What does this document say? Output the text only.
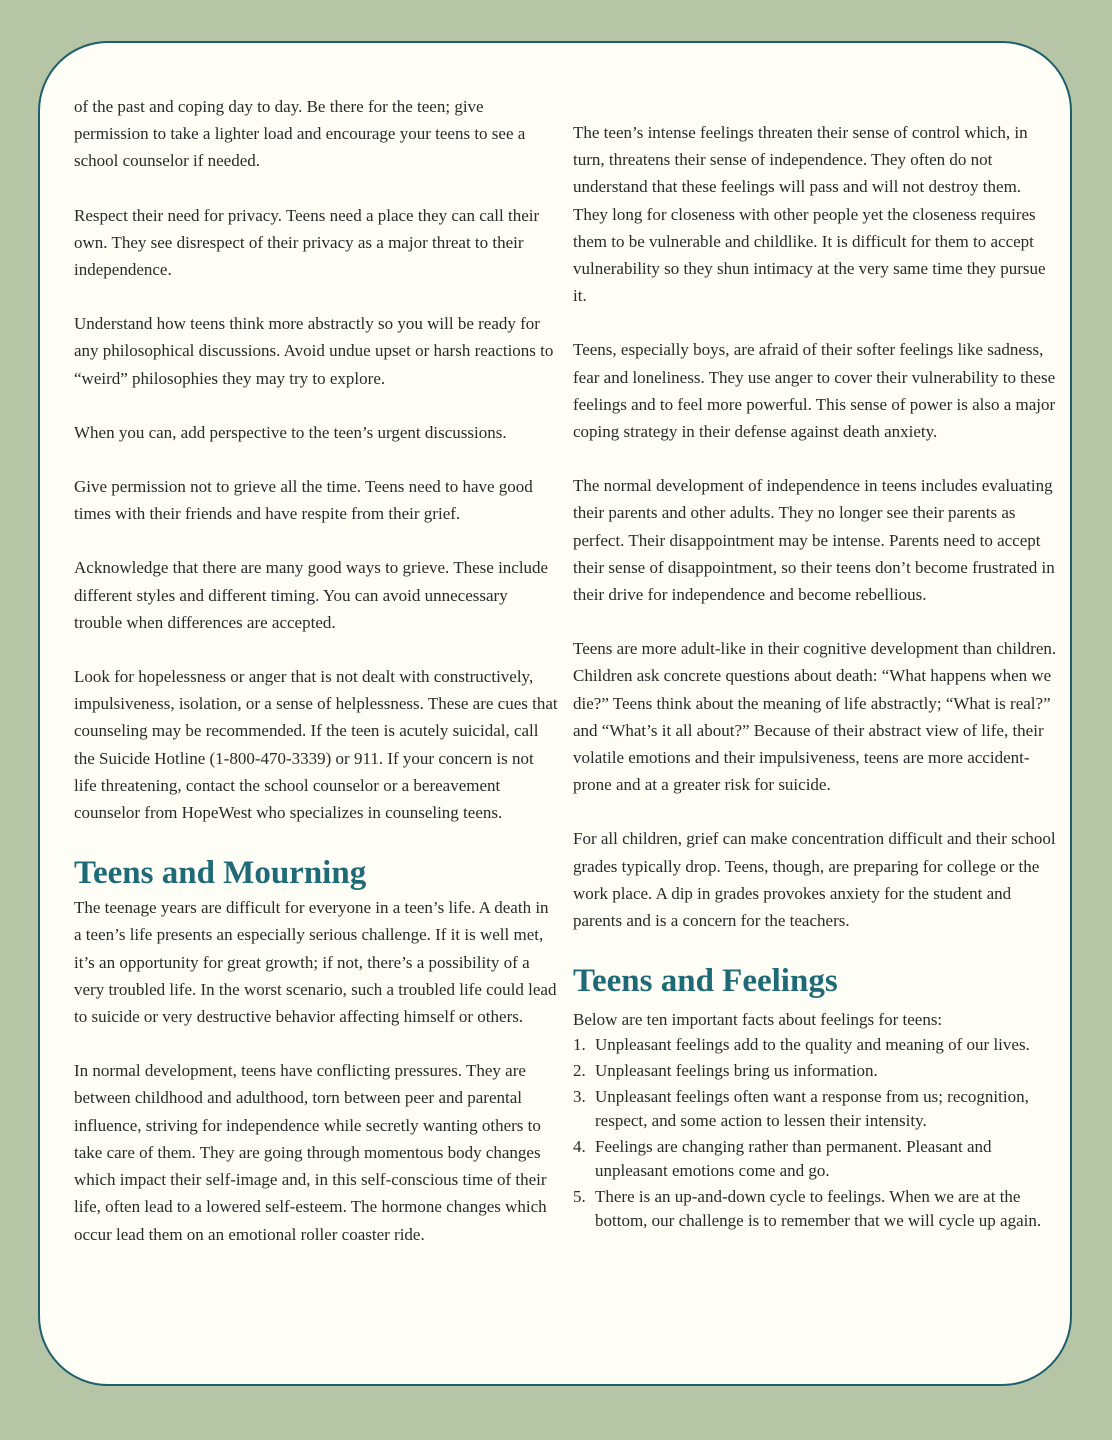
of the past and coping day to day. Be there for the teen; give permission to take a lighter load and encourage your teens to see a school counselor if needed.

Respect their need for privacy. Teens need a place they can call their own. They see disrespect of their privacy as a major threat to their independence.

Understand how teens think more abstractly so you will be ready for any philosophical discussions. Avoid undue upset or harsh reactions to “weird” philosophies they may try to explore.

When you can, add perspective to the teen’s urgent discussions.

Give permission not to grieve all the time. Teens need to have good times with their friends and have respite from their grief.

Acknowledge that there are many good ways to grieve. These include different styles and different timing. You can avoid unnecessary trouble when differences are accepted.

Look for hopelessness or anger that is not dealt with constructively, impulsiveness, isolation, or a sense of helplessness. These are cues that counseling may be recommended. If the teen is acutely suicidal, call the Suicide Hotline (1-800-470-3339) or 911. If your concern is not life threatening, contact the school counselor or a bereavement counselor from HopeWest who specializes in counseling teens.

Teens and Mourning

The teenage years are difficult for everyone in a teen’s life. A death in a teen’s life presents an especially serious challenge. If it is well met, it’s an opportunity for great growth; if not, there’s a possibility of a very troubled life. In the worst scenario, such a troubled life could lead to suicide or very destructive behavior affecting himself or others.

In normal development, teens have conflicting pressures. They are between childhood and adulthood, torn between peer and parental influence, striving for independence while secretly wanting others to take care of them. They are going through momentous body changes which impact their self-image and, in this self-conscious time of their life, often lead to a lowered self-esteem. The hormone changes which occur lead them on an emotional roller coaster ride.

The teen’s intense feelings threaten their sense of control which, in turn, threatens their sense of independence. They often do not understand that these feelings will pass and will not destroy them. They long for closeness with other people yet the closeness requires them to be vulnerable and childlike. It is difficult for them to accept vulnerability so they shun intimacy at the very same time they pursue it.

Teens, especially boys, are afraid of their softer feelings like sadness, fear and loneliness. They use anger to cover their vulnerability to these feelings and to feel more powerful. This sense of power is also a major coping strategy in their defense against death anxiety.

The normal development of independence in teens includes evaluating their parents and other adults. They no longer see their parents as perfect. Their disappointment may be intense. Parents need to accept their sense of disappointment, so their teens don’t become frustrated in their drive for independence and become rebellious.

Teens are more adult-like in their cognitive development than children. Children ask concrete questions about death: “What happens when we die?” Teens think about the meaning of life abstractly; “What is real?” and “What’s it all about?” Because of their abstract view of life, their volatile emotions and their impulsiveness, teens are more accident-prone and at a greater risk for suicide.

For all children, grief can make concentration difficult and their school grades typically drop. Teens, though, are preparing for college or the work place. A dip in grades provokes anxiety for the student and parents and is a concern for the teachers.

Teens and Feelings
Below are ten important facts about feelings for teens:
1. Unpleasant feelings add to the quality and meaning of our lives.
2. Unpleasant feelings bring us information.
3. Unpleasant feelings often want a response from us; recognition, respect, and some action to lessen their intensity.
4. Feelings are changing rather than permanent. Pleasant and unpleasant emotions come and go.
5. There is an up-and-down cycle to feelings. When we are at the bottom, our challenge is to remember that we will cycle up again.
